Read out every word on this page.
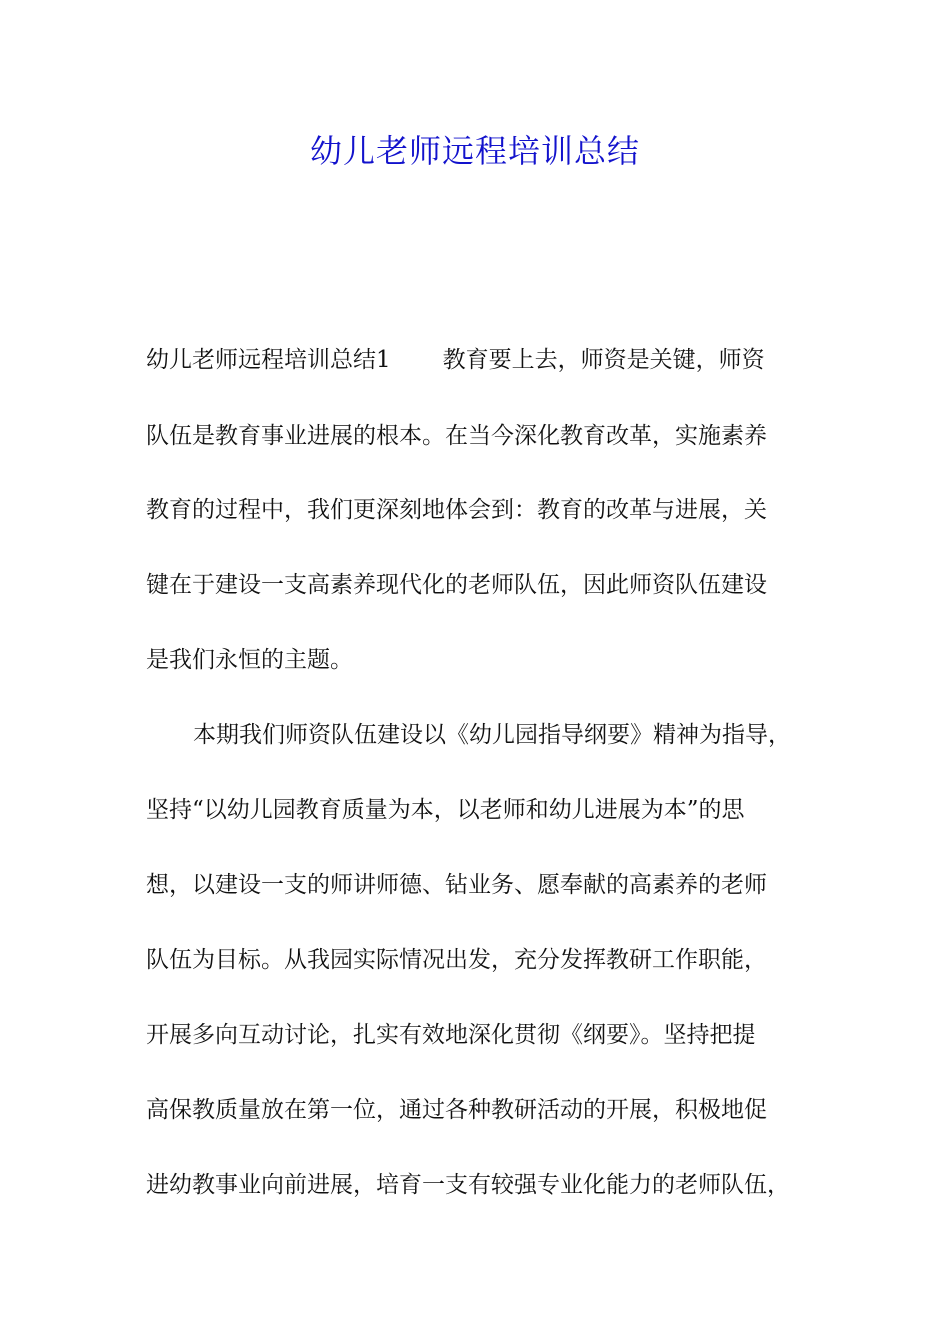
幼儿老师远程培训总结
幼儿老师远程培训总结1 教育要上去，师资是关键，师资
队伍是教育事业进展的根本。在当今深化教育改革，实施素养
教育的过程中，我们更深刻地体会到：教育的改革与进展，关
键在于建设一支高素养现代化的老师队伍，因此师资队伍建设
是我们永恒的主题。
本期我们师资队伍建设以《幼儿园指导纲要》精神为指导，
坚持“以幼儿园教育质量为本，以老师和幼儿进展为本”的思
想，以建设一支的师讲师德、钻业务、愿奉献的高素养的老师
队伍为目标。从我园实际情况出发，充分发挥教研工作职能，
开展多向互动讨论，扎实有效地深化贯彻《纲要》。坚持把提
高保教质量放在第一位，通过各种教研活动的开展，积极地促
进幼教事业向前进展，培育一支有较强专业化能力的老师队伍，
